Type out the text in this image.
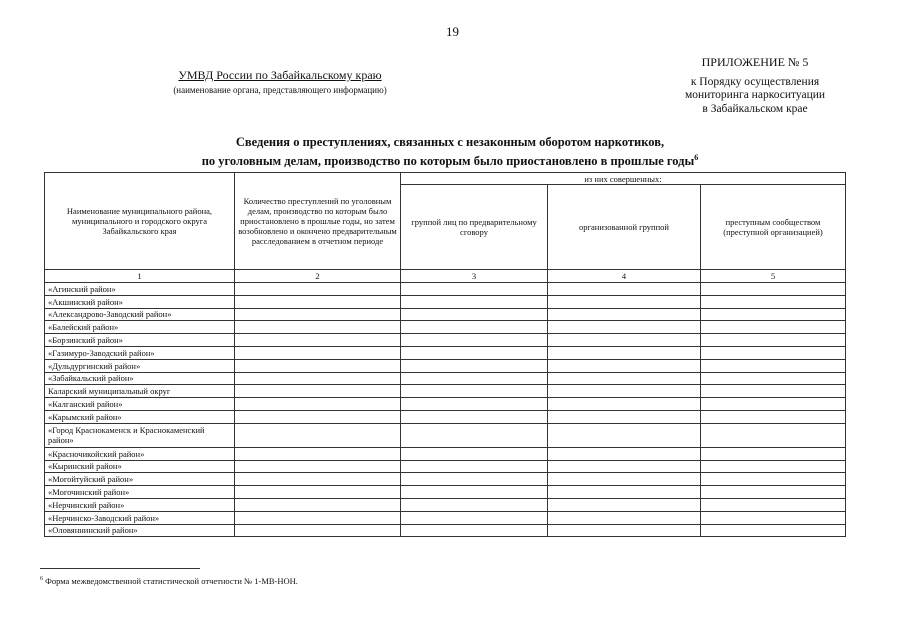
19
УМВД России по Забайкальскому краю
(наименование органа, представляющего информацию)
ПРИЛОЖЕНИЕ № 5
к Порядку осуществления
мониторинга наркоситуации
в Забайкальском крае
Сведения о преступлениях, связанных с незаконным оборотом наркотиков,
по уголовным делам, производство по которым было приостановлено в прошлые годы$^6$
Наименование муниципального района, муниципального и городского округа Забайкальского края	Количество преступлений по уголовным делам, производство по которым было приостановлено в прошлые годы, но затем возобновлено и окончено предварительным расследованием в отчетном периоде	из них совершенных:		
		группой лиц по предварительному сговору	организованной группой	преступным сообществом (преступной организацией)
1	2	3	4	5
«Агинский район»				
«Акшинский район»				
«Александрово-Заводский район»				
«Балейский район»				
«Борзинский район»				
«Газимуро-Заводский район»				
«Дульдургинский район»				
«Забайкальский район»				
Каларский муниципальный округ				
«Калганский район»				
«Карымский район»				
«Город Краснокаменск и Краснокаменский район»				
«Красночикойский район»				
«Кыринский район»				
«Могойтуйский район»				
«Могочинский район»				
«Нерчинский район»				
«Нерчинско-Заводский район»				
«Оловяннинский район»				
$^6$ Форма межведомственной статистической отчетности № 1-МВ-НОН.
